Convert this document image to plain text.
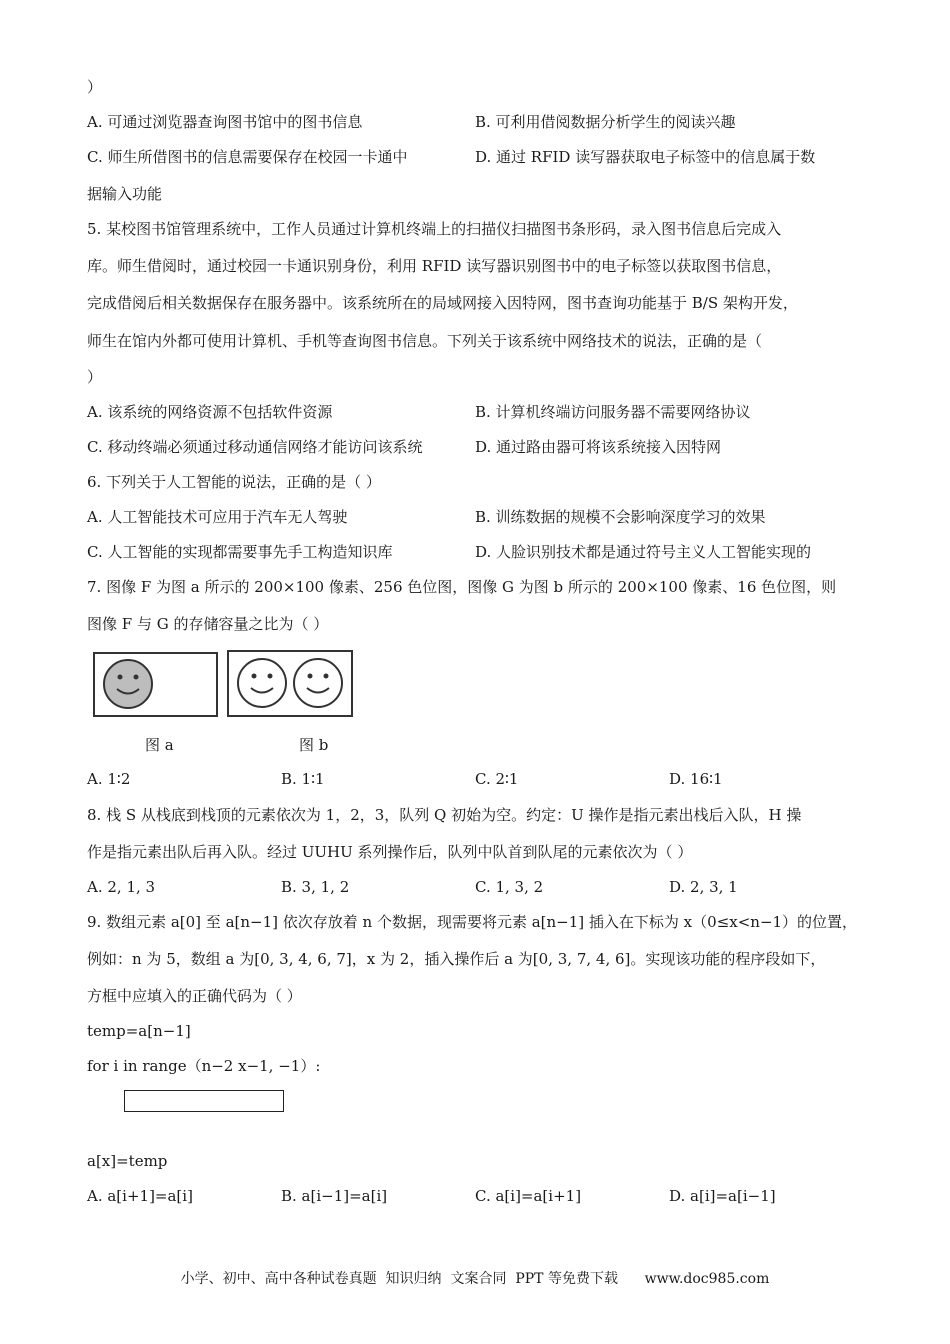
）
A. 可通过浏览器查询图书馆中的图书信息	B. 可利用借阅数据分析学生的阅读兴趣
C. 师生所借图书的信息需要保存在校园一卡通中	D. 通过 RFID 读写器获取电子标签中的信息属于数
据输入功能
5. 某校图书馆管理系统中，工作人员通过计算机终端上的扫描仪扫描图书条形码，录入图书信息后完成入
库。师生借阅时，通过校园一卡通识别身份，利用 RFID 读写器识别图书中的电子标签以获取图书信息，
完成借阅后相关数据保存在服务器中。该系统所在的局域网接入因特网，图书查询功能基于 B/S 架构开发，
师生在馆内外都可使用计算机、手机等查询图书信息。下列关于该系统中网络技术的说法，正确的是（
）
A. 该系统的网络资源不包括软件资源	B. 计算机终端访问服务器不需要网络协议
C. 移动终端必须通过移动通信网络才能访问该系统	D. 通过路由器可将该系统接入因特网
6. 下列关于人工智能的说法，正确的是（ ）
A. 人工智能技术可应用于汽车无人驾驶	B. 训练数据的规模不会影响深度学习的效果
C. 人工智能的实现都需要事先手工构造知识库	D. 人脸识别技术都是通过符号主义人工智能实现的
7. 图像 F 为图 a 所示的 200×100 像素、256 色位图，图像 G 为图 b 所示的 200×100 像素、16 色位图，则
图像 F 与 G 的存储容量之比为（ ）
图 a	图 b
A. 1∶2	B. 1∶1	C. 2∶1	D. 16∶1
8. 栈 S 从栈底到栈顶的元素依次为 1，2，3，队列 Q 初始为空。约定：U 操作是指元素出栈后入队，H 操
作是指元素出队后再入队。经过 UUHU 系列操作后，队列中队首到队尾的元素依次为（ ）
A. 2, 1, 3	B. 3, 1, 2	C. 1, 3, 2	D. 2, 3, 1
9. 数组元素 a[0] 至 a[n−1] 依次存放着 n 个数据，现需要将元素 a[n−1] 插入在下标为 x（0≤x<n−1）的位置，
例如：n 为 5，数组 a 为[0, 3, 4, 6, 7]，x 为 2，插入操作后 a 为[0, 3, 7, 4, 6]。实现该功能的程序段如下，
方框中应填入的正确代码为（ ）
temp=a[n−1]
for i in range（n−2 x−1, −1）:
a[x]=temp
A. a[i+1]=a[i]	B. a[i−1]=a[i]	C. a[i]=a[i+1]	D. a[i]=a[i−1]
小学、初中、高中各种试卷真题  知识归纳  文案合同  PPT 等免费下载      www.doc985.com
